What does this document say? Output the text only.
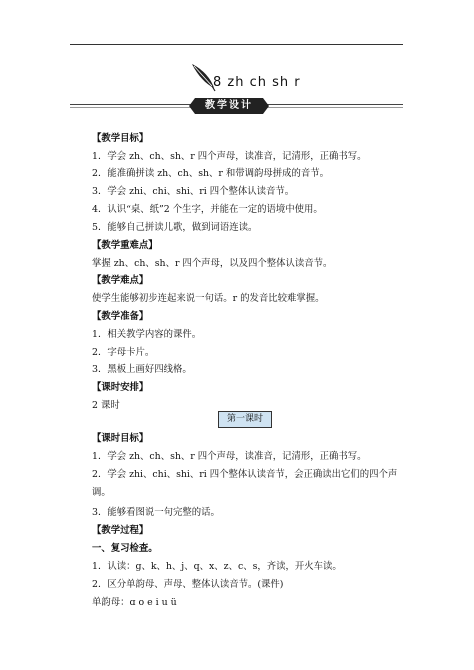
8 zh ch sh r
教学设计
【教学目标】
1．学会 zh、ch、sh、r 四个声母，读准音，记清形，正确书写。
2．能准确拼读 zh、ch、sh、r 和带调韵母拼成的音节。
3．学会 zhi、chi、shi、ri 四个整体认读音节。
4．认识“桌、纸”2 个生字，并能在一定的语境中使用。
5．能够自己拼读儿歌，做到词语连读。
【教学重难点】
掌握 zh、ch、sh、r 四个声母，以及四个整体认读音节。
【教学难点】
使学生能够初步连起来说一句话。r 的发音比较难掌握。
【教学准备】
1．相关教学内容的课件。
2．字母卡片。
3．黑板上画好四线格。
【课时安排】
2 课时
第一课时
【课时目标】
1．学会 zh、ch、sh、r 四个声母，读准音，记清形，正确书写。
2．学会 zhi、chi、shi、ri 四个整体认读音节，会正确读出它们的四个声
调。
3．能够看图说一句完整的话。
【教学过程】
一、复习检查。
1．认读：g、k、h、j、q、x、z、c、s，齐读，开火车读。
2．区分单韵母、声母、整体认读音节。(课件)
单韵母：ɑ o e i u ü
